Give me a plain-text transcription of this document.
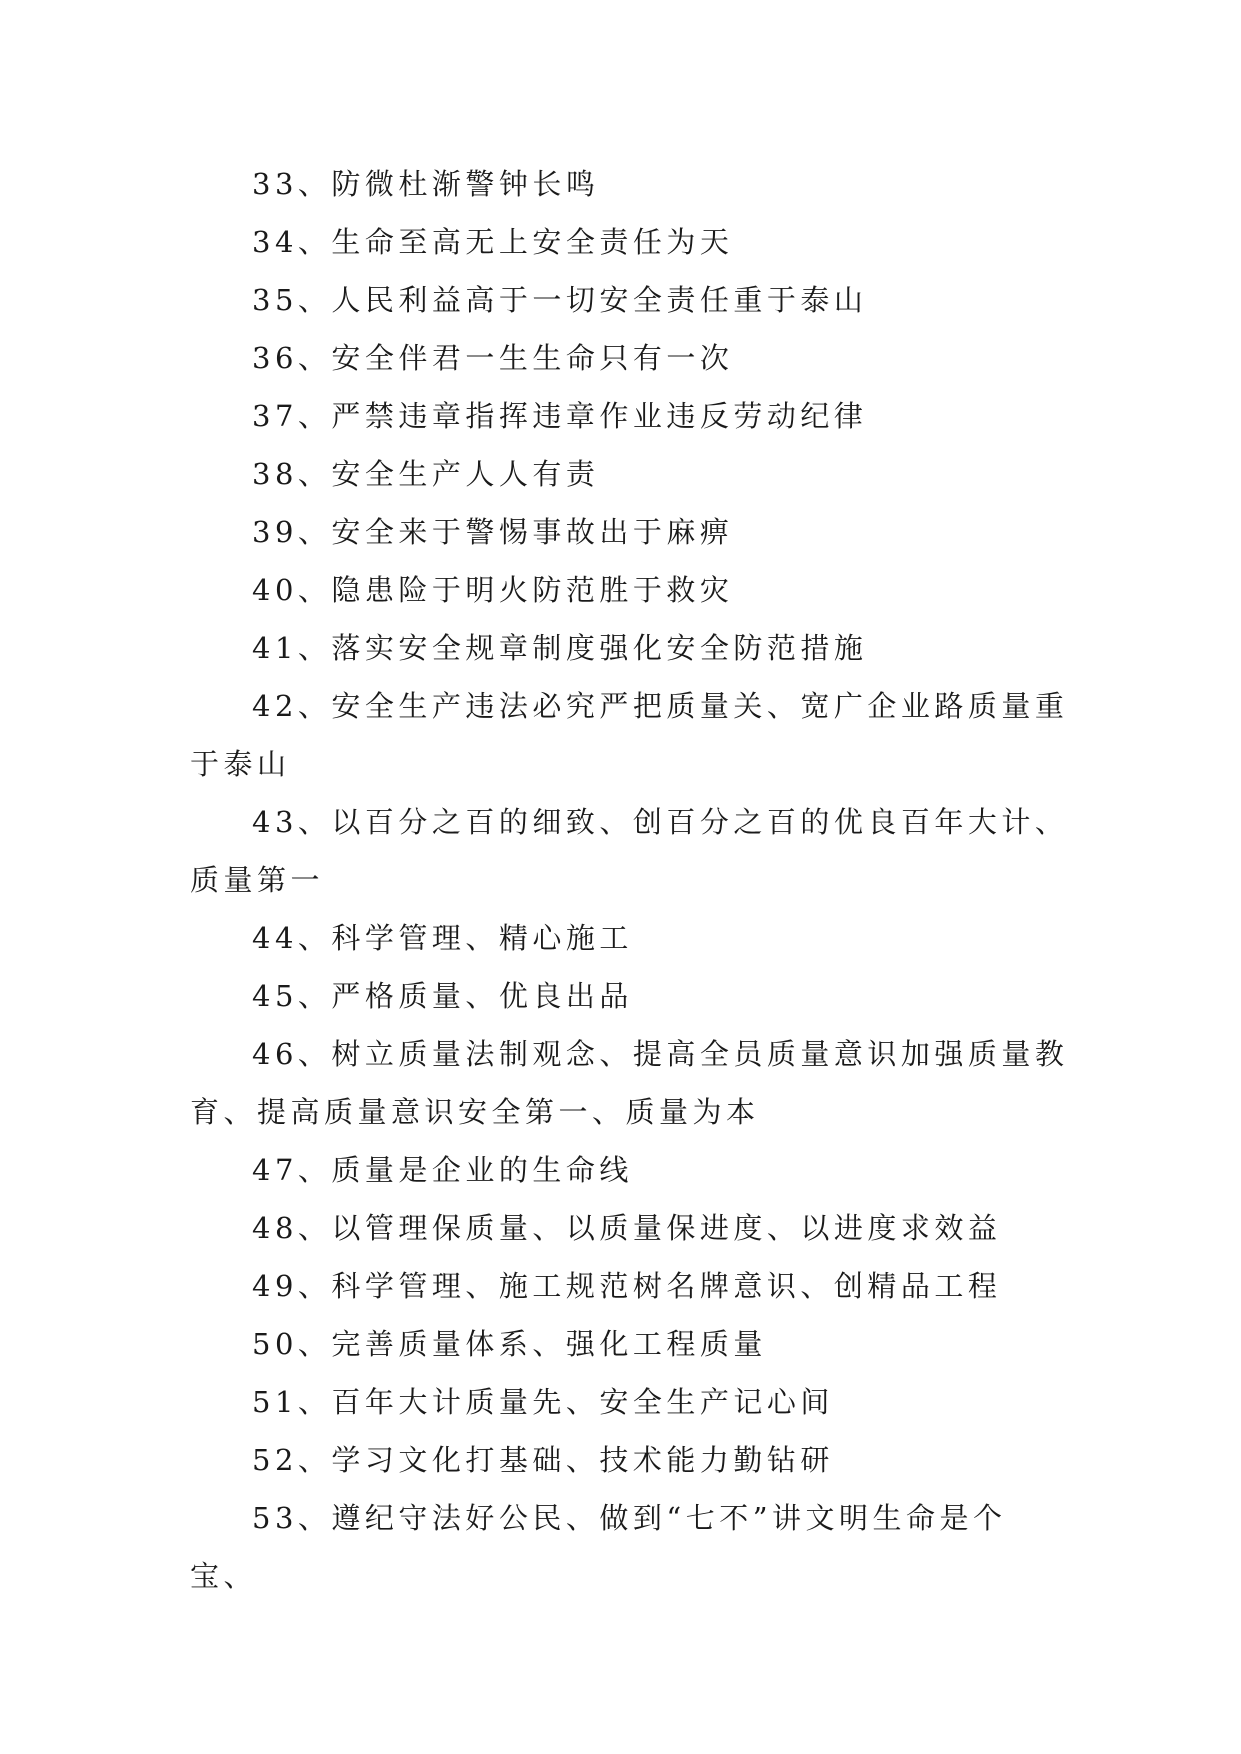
33、防微杜渐警钟长鸣

34、生命至高无上安全责任为天

35、人民利益高于一切安全责任重于泰山

36、安全伴君一生生命只有一次

37、严禁违章指挥违章作业违反劳动纪律

38、安全生产人人有责

39、安全来于警惕事故出于麻痹

40、隐患险于明火防范胜于救灾

41、落实安全规章制度强化安全防范措施

42、安全生产违法必究严把质量关、宽广企业路质量重于泰山

43、以百分之百的细致、创百分之百的优良百年大计、质量第一

44、科学管理、精心施工

45、严格质量、优良出品

46、树立质量法制观念、提高全员质量意识加强质量教育、提高质量意识安全第一、质量为本

47、质量是企业的生命线

48、以管理保质量、以质量保进度、以进度求效益

49、科学管理、施工规范树名牌意识、创精品工程

50、完善质量体系、强化工程质量

51、百年大计质量先、安全生产记心间

52、学习文化打基础、技术能力勤钻研

53、遵纪守法好公民、做到“七不”讲文明生命是个宝、
